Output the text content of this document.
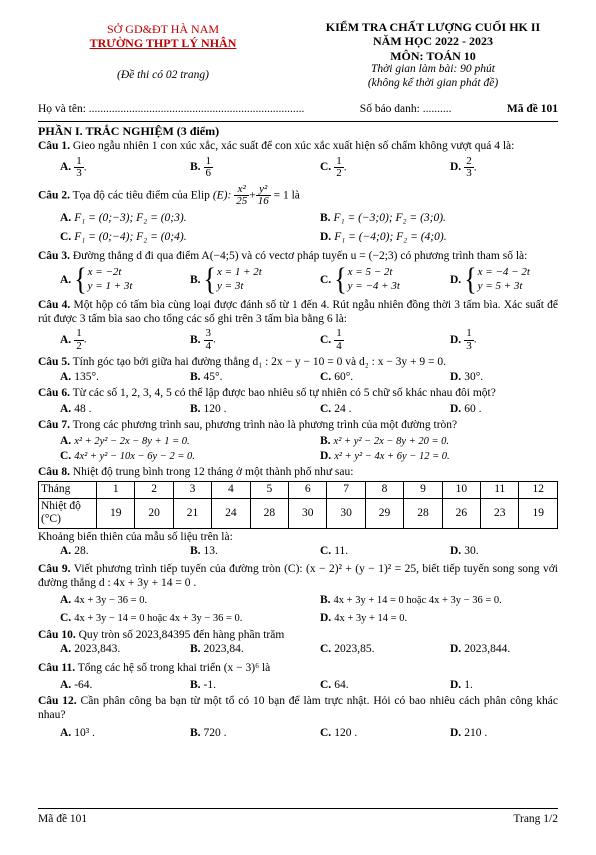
SỞ GD&ĐT HÀ NAM
TRƯỜNG THPT LÝ NHÂN
(Đề thi có 02 trang)
KIỂM TRA CHẤT LƯỢNG CUỐI HK II
NĂM HỌC 2022 - 2023
MÔN: TOÁN 10
Thời gian làm bài: 90 phút
(không kể thời gian phát đề)
Họ và tên: ...........................................................................	Số báo danh: ..........	Mã đề 101
PHẦN I. TRẮC NGHIỆM (3 điểm)
Câu 1. Gieo ngẫu nhiên 1 con xúc xắc, xác suất để con xúc xắc xuất hiện số chấm không vượt quá 4 là:
A. $\frac{1}{3}$ .	B. $\frac{1}{6}$	C. $\frac{1}{2}$ .	D. $\frac{2}{3}$ .
Câu 2. Tọa độ các tiêu điểm của Elip (E): $\frac{\text{x²}}{25} + \frac{\text{y²}}{16} = 1$ là
A. F₁ = (0;−3); F₂ = (0;3).	B. F₁ = (−3;0); F₂ = (3;0).
C. F₁ = (0;−4); F₂ = (0;4).	D. F₁ = (−4;0); F₂ = (4;0).
Câu 3. Đường thẳng d đi qua điểm A(−4;5) và có vectơ pháp tuyến u = (−2;3) có phương trình tham số là:
A. { x = −2t
y = 1 + 3t
B. { x = 1 + 2t
y = 3t
C. { x = 5 − 2t
y = −4 + 3t
D. { x = −4 − 2t
y = 5 + 3t
Câu 4. Một hộp có tấm bìa cùng loại được đánh số từ 1 đến 4. Rút ngẫu nhiên đồng thời 3 tấm bìa. Xác suất để rút được 3 tấm bìa sao cho tổng các số ghi trên 3 tấm bìa bằng 6 là:
A. $\frac{1}{2}$ .	B. $\frac{3}{4}$ .	C. $\frac{1}{4}$	D. $\frac{1}{3}$ .
Câu 5. Tính góc tạo bởi giữa hai đường thẳng d₁ : 2x − y − 10 = 0 và d₂ : x − 3y + 9 = 0.
A. 135°.	B. 45°.	C. 60°.	D. 30°.
Câu 6. Từ các số 1, 2, 3, 4, 5 có thể lập được bao nhiêu số tự nhiên có 5 chữ số khác nhau đôi một?
A. 48 .	B. 120 .	C. 24 .	D. 60 .
Câu 7. Trong các phương trình sau, phương trình nào là phương trình của một đường tròn?
A. x² + 2y² − 2x − 8y + 1 = 0.	B. x² + y² − 2x − 8y + 20 = 0.
C. 4x² + y² − 10x − 6y − 2 = 0.	D. x² + y² − 4x + 6y − 12 = 0.
Câu 8. Nhiệt độ trung bình trong 12 tháng ở một thành phố như sau:
Tháng	1	2	3	4	5	6	7	8	9	10	11	12
Nhiệt độ (°C)	19	20	21	24	28	30	30	29	28	26	23	19
Khoảng biến thiên của mẫu số liệu trên là:
A. 28.	B. 13.	C. 11.	D. 30.
Câu 9. Viết phương trình tiếp tuyến của đường tròn (C): (x − 2)² + (y − 1)² = 25, biết tiếp tuyến song song với đường thẳng d : 4x + 3y + 14 = 0 .
A. 4x + 3y − 36 = 0.	B. 4x + 3y + 14 = 0 hoặc 4x + 3y − 36 = 0.
C. 4x + 3y − 14 = 0 hoặc 4x + 3y − 36 = 0.	D. 4x + 3y + 14 = 0.
Câu 10. Quy tròn số 2023,84395 đến hàng phần trăm
A. 2023,843.	B. 2023,84.	C. 2023,85.	D. 2023,844.
Câu 11. Tổng các hệ số trong khai triển (x − 3)⁶ là
A. -64.	B. -1.	C. 64.	D. 1.
Câu 12. Cần phân công ba bạn từ một tổ có 10 bạn để làm trực nhật. Hỏi có bao nhiêu cách phân công khác nhau?
A. 10³ .	B. 720 .	C. 120 .	D. 210 .
Mã đề 101	Trang 1/2
